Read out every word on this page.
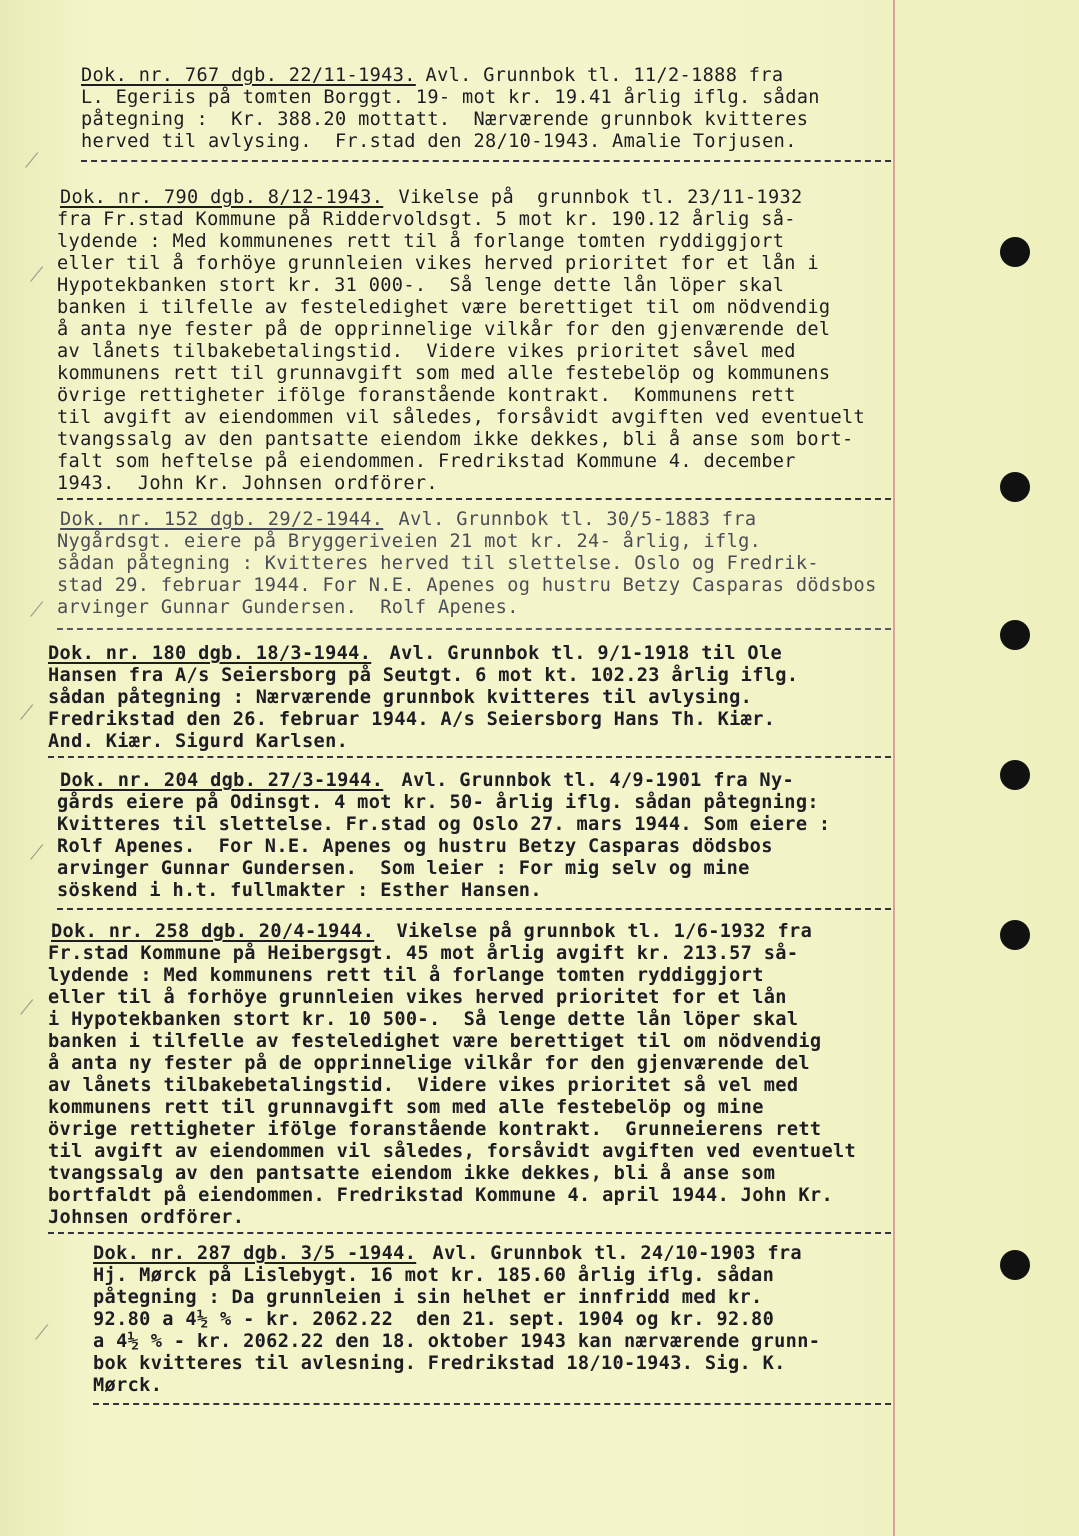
Dok. nr. 767 dgb. 22/11-1943.
Avl. Grunnbok tl. 11/2-1888 fra
L. Egeriis på tomten Borggt. 19- mot kr. 19.41 årlig iflg. sådan
påtegning :  Kr. 388.20 mottatt.  Nærværende grunnbok kvitteres
herved til avlysing.  Fr.stad den 28/10-1943. Amalie Torjusen.
Dok. nr. 790 dgb. 8/12-1943. Vikelse på  grunnbok tl. 23/11-1932
fra Fr.stad Kommune på Riddervoldsgt. 5 mot kr. 190.12 årlig så-
lydende : Med kommunenes rett til å forlange tomten ryddiggjort
eller til å forhöye grunnleien vikes herved prioritet for et lån i
Hypotekbanken stort kr. 31 000-.  Så lenge dette lån löper skal
banken i tilfelle av festeledighet være berettiget til om nödvendig
å anta nye fester på de opprinnelige vilkår for den gjenværende del
av lånets tilbakebetalingstid.  Videre vikes prioritet såvel med
kommunens rett til grunnavgift som med alle festebelöp og kommunens
övrige rettigheter ifölge foranstående kontrakt.  Kommunens rett
til avgift av eiendommen vil således, forsåvidt avgiften ved eventuelt
tvangssalg av den pantsatte eiendom ikke dekkes, bli å anse som bort-
falt som heftelse på eiendommen. Fredrikstad Kommune 4. december
1943.  John Kr. Johnsen ordförer.
Dok. nr. 152 dgb. 29/2-1944. Avl. Grunnbok tl. 30/5-1883 fra
Nygårdsgt. eiere på Bryggeriveien 21 mot kr. 24- årlig, iflg.
sådan påtegning : Kvitteres herved til slettelse. Oslo og Fredrik-
stad 29. februar 1944. For N.E. Apenes og hustru Betzy Casparas dödsbos
arvinger Gunnar Gundersen.  Rolf Apenes.
Dok. nr. 180 dgb. 18/3-1944. Avl. Grunnbok tl. 9/1-1918 til Ole
Hansen fra A/s Seiersborg på Seutgt. 6 mot kt. 102.23 årlig iflg.
sådan påtegning : Nærværende grunnbok kvitteres til avlysing.
Fredrikstad den 26. februar 1944. A/s Seiersborg Hans Th. Kiær.
And. Kiær. Sigurd Karlsen.
Dok. nr. 204 dgb. 27/3-1944. Avl. Grunnbok tl. 4/9-1901 fra Ny-
gårds eiere på Odinsgt. 4 mot kr. 50- årlig iflg. sådan påtegning:
Kvitteres til slettelse. Fr.stad og Oslo 27. mars 1944. Som eiere :
Rolf Apenes.  For N.E. Apenes og hustru Betzy Casparas dödsbos
arvinger Gunnar Gundersen.  Som leier : For mig selv og mine
söskend i h.t. fullmakter : Esther Hansen.
Dok. nr. 258 dgb. 20/4-1944. Vikelse på grunnbok tl. 1/6-1932 fra
Fr.stad Kommune på Heibergsgt. 45 mot årlig avgift kr. 213.57 så-
lydende : Med kommunens rett til å forlange tomten ryddiggjort
eller til å forhöye grunnleien vikes herved prioritet for et lån
i Hypotekbanken stort kr. 10 500-.  Så lenge dette lån löper skal
banken i tilfelle av festeledighet være berettiget til om nödvendig
å anta ny fester på de opprinnelige vilkår for den gjenværende del
av lånets tilbakebetalingstid.  Videre vikes prioritet så vel med
kommunens rett til grunnavgift som med alle festebelöp og mine
övrige rettigheter ifölge foranstående kontrakt.  Grunneierens rett
til avgift av eiendommen vil således, forsåvidt avgiften ved eventuelt
tvangssalg av den pantsatte eiendom ikke dekkes, bli å anse som
bortfaldt på eiendommen. Fredrikstad Kommune 4. april 1944. John Kr.
Johnsen ordförer.
Dok. nr. 287 dgb. 3/5 -1944. Avl. Grunnbok tl. 24/10-1903 fra
Hj. Mørck på Lislebygt. 16 mot kr. 185.60 årlig iflg. sådan
påtegning : Da grunnleien i sin helhet er innfridd med kr.
92.80 a 4½ % - kr. 2062.22  den 21. sept. 1904 og kr. 92.80
a 4½ % - kr. 2062.22 den 18. oktober 1943 kan nærværende grunn-
bok kvitteres til avlesning. Fredrikstad 18/10-1943. Sig. K.
Mørck.
⁄
⁄
⁄
⁄
⁄
⁄
⁄
